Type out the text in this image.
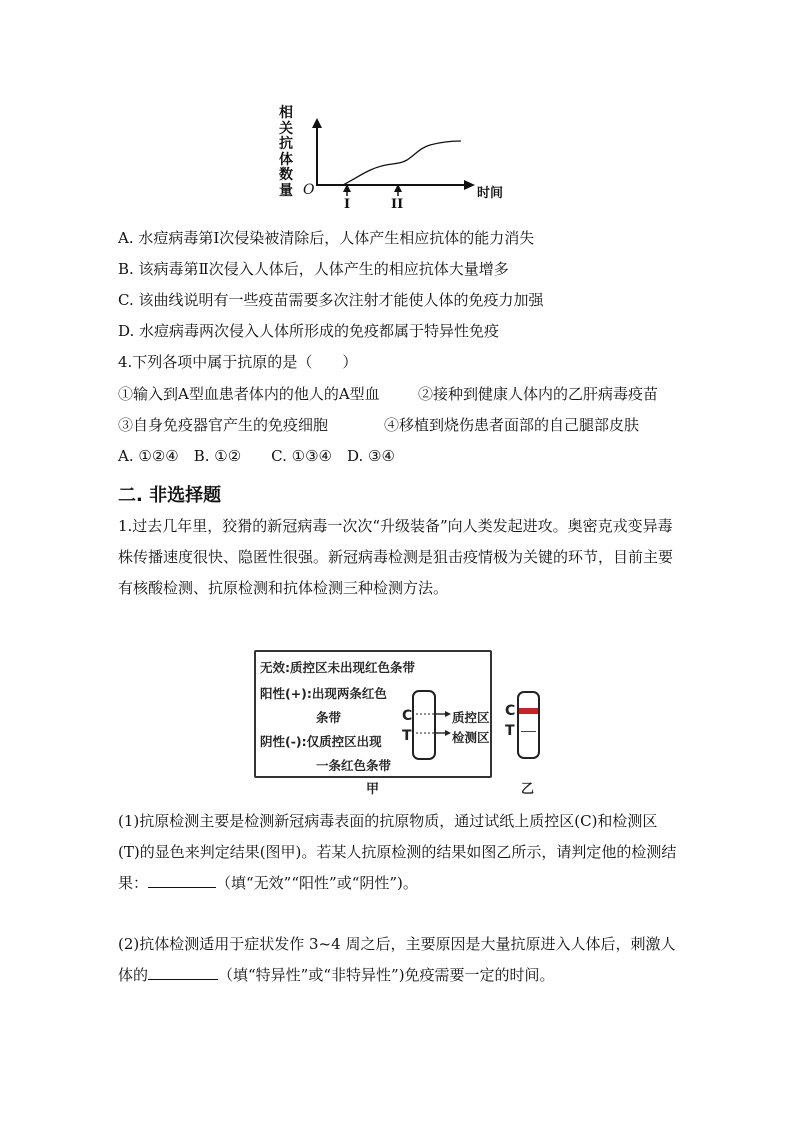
相
关
抗
体
数
量 O	时间
I	II
A. 水痘病毒第Ⅰ次侵染被清除后，人体产生相应抗体的能力消失
B. 该病毒第Ⅱ次侵入人体后，人体产生的相应抗体大量增多
C. 该曲线说明有一些疫苗需要多次注射才能使人体的免疫力加强
D. 水痘病毒两次侵入人体所形成的免疫都属于特异性免疫
4.下列各项中属于抗原的是（　　）
①输入到A型血患者体内的他人的A型血	②接种到健康人体内的乙肝病毒疫苗
③自身免疫器官产生的免疫细胞	④移植到烧伤患者面部的自己腿部皮肤
A. ①②④　B. ①②　　C. ①③④　D. ③④
二. 非选择题
1.过去几年里，狡猾的新冠病毒一次次“升级装备”向人类发起进攻。奥密克戎变异毒株传播速度很快、隐匿性很强。新冠病毒检测是狙击疫情极为关键的环节，目前主要有核酸检测、抗原检测和抗体检测三种检测方法。
无效:质控区未出现红色条带
阳性(+):出现两条红色
条带
阴性(-):仅质控区出现
一条红色条带
C
T
质控区
检测区
甲
C
T
乙
(1)抗原检测主要是检测新冠病毒表面的抗原物质，通过试纸上质控区(C)和检测区(T)的显色来判定结果(图甲)。若某人抗原检测的结果如图乙所示，请判定他的检测结果：	（填“无效”“阳性”或“阴性”)。
(2)抗体检测适用于症状发作 3~4 周之后，主要原因是大量抗原进入人体后，刺激人体的	（填“特异性”或“非特异性”)免疫需要一定的时间。
